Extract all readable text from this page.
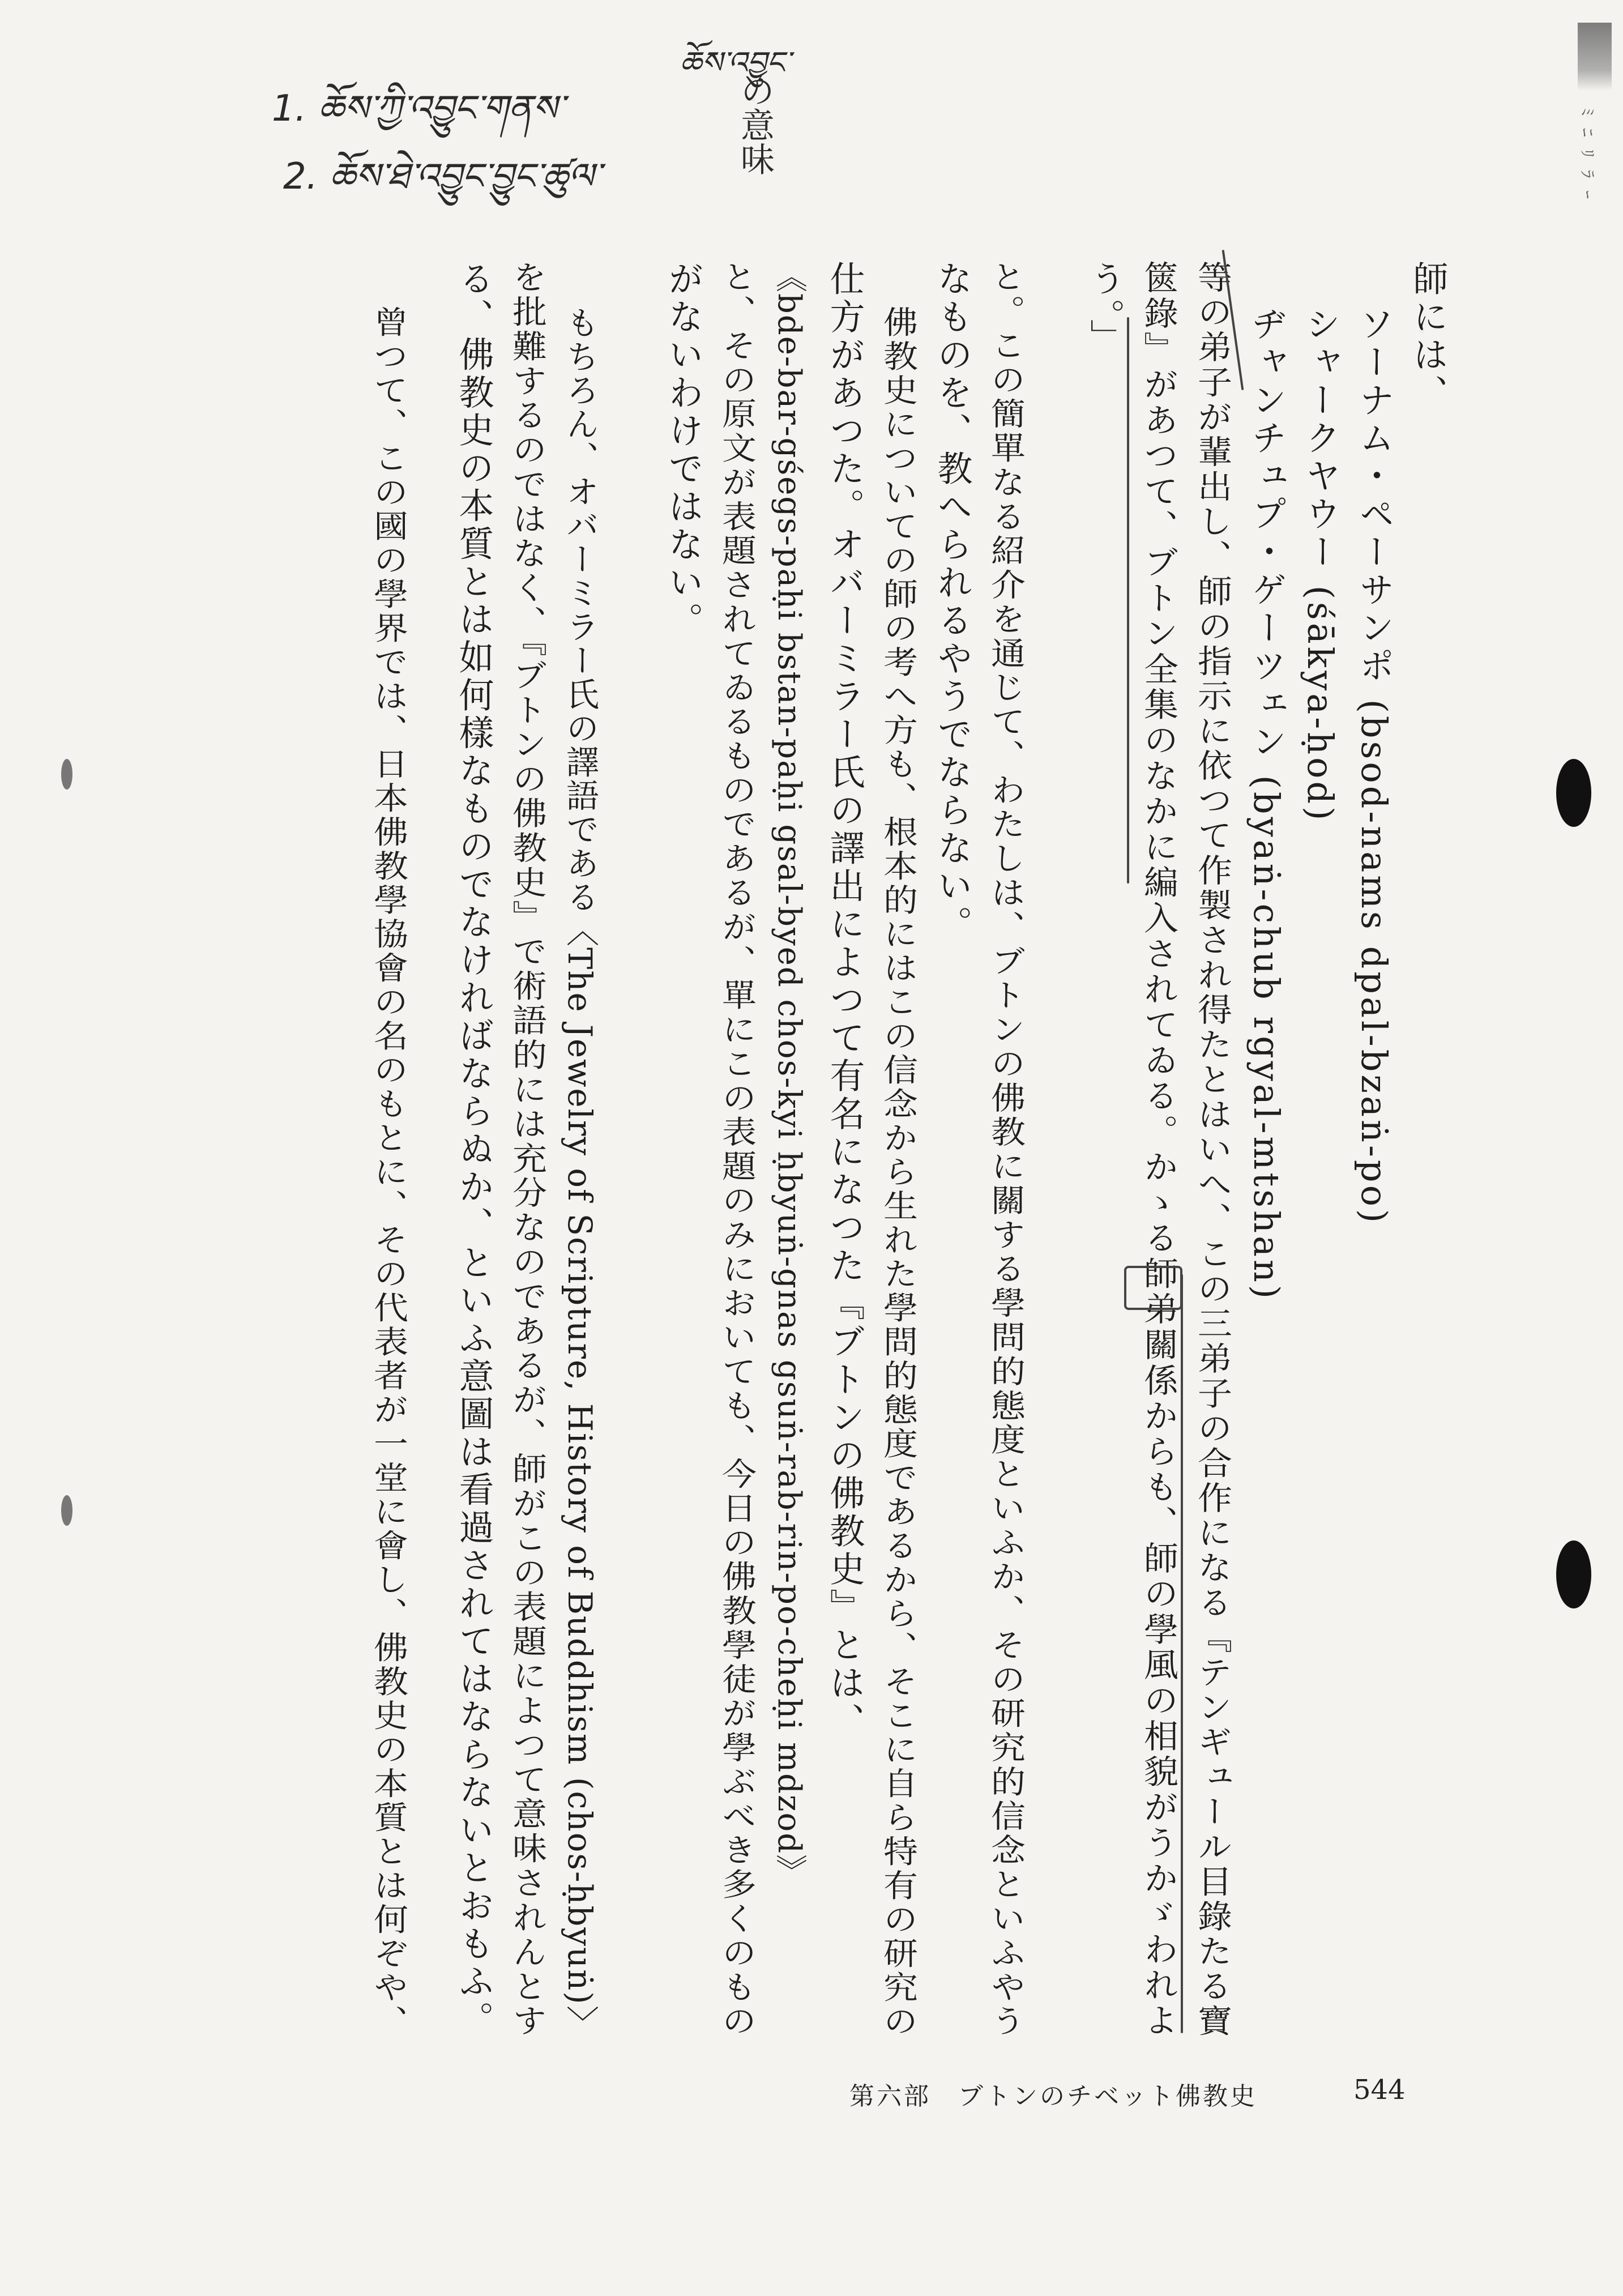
ﾐ ﾆ ﾘ ﾗ ｰ
1. ཆོས་ཀྱི་འབྱུང་གནས་
2. ཆོས་ཐེ་འབྱུང་བྱུང་ཚུལ་
ཆོས་འབྱུང་
の意味
師には、
ソーナム・ペーサンポ (bsod-nams dpal-bzaṅ-po)
シャークヤウー (śākya-ḥod)
ヂャンチュプ・ゲーツェン (byaṅ-chub rgyal-mtshan)
等の弟子が輩出し、師の指示に依つて作製され得たとはいへ、この三弟子の合作になる『テンギュール目錄たる寶
篋錄』があつて、ブトン全集のなかに編入されてゐる。かゝる師弟關係からも、師の學風の相貌がうかゞわれよ
う。」
と。この簡單なる紹介を通じて、わたしは、ブトンの佛教に關する學問的態度といふか、その研究的信念といふやう
なものを、教へられるやうでならない。
佛教史についての師の考へ方も、根本的にはこの信念から生れた學問的態度であるから、そこに自ら特有の研究の
仕方があつた。オバーミラー氏の譯出によつて有名になつた『ブトンの佛教史』とは、
《bde-bar-gśegs-paḥi bstan-paḥi gsal-byed chos-kyi ḥbyuṅ-gnas gsuṅ-rab-rin-po-cheḥi mdzod》
と、その原文が表題されてゐるものであるが、單にこの表題のみにおいても、今日の佛教學徒が學ぶべき多くのもの
がないわけではない。
もちろん、オバーミラー氏の譯語である〈The Jewelry of Scripture, History of Buddhism (chos-ḥbyuṅ)〉
を批難するのではなく、『ブトンの佛教史』で術語的には充分なのであるが、師がこの表題によつて意味されんとす
る、佛教史の本質とは如何樣なものでなければならぬか、といふ意圖は看過されてはならないとおもふ。
曾つて、この國の學界では、日本佛教學協會の名のもとに、その代表者が一堂に會し、佛教史の本質とは何ぞや、
第六部　ブトンのチベット佛教史	544
